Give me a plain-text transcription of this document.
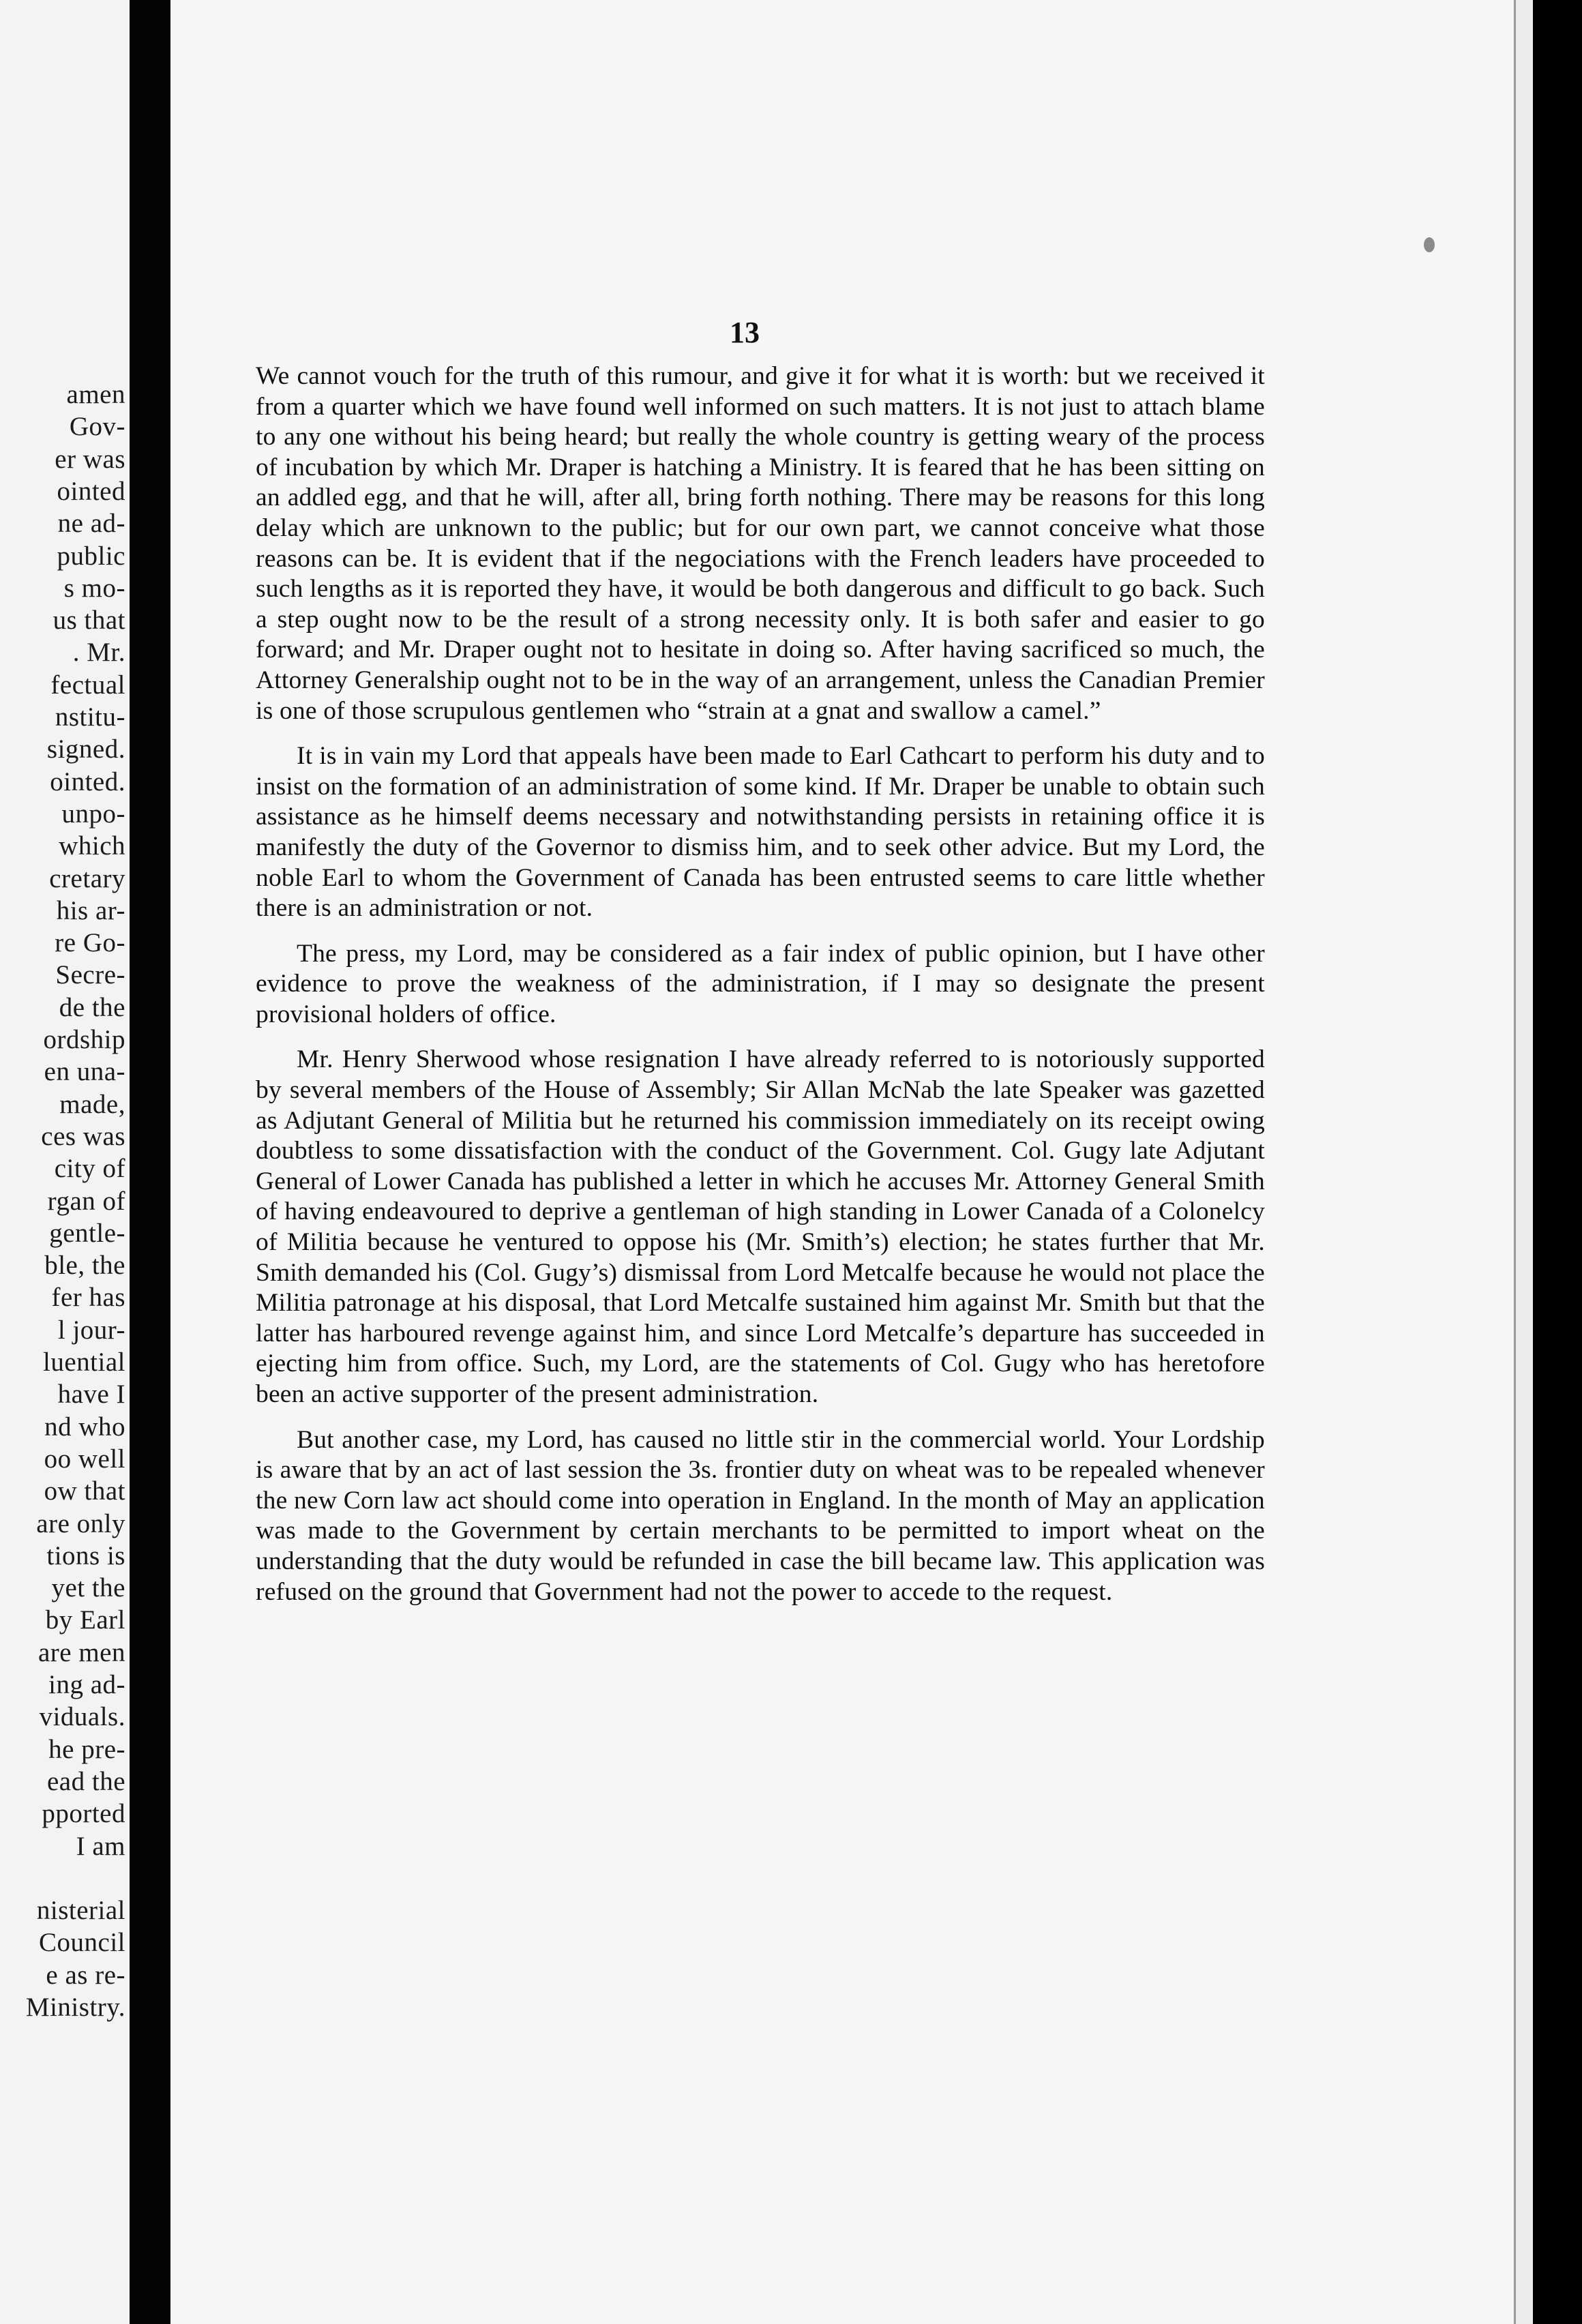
amen
Gov-
er was
ointed
ne ad-
public
s mo-
us that
. Mr.
fectual
nstitu-
signed.
ointed.
unpo-
which
cretary
his ar-
re Go-
Secre-
de the
ordship
en una-
made,
ces was
city of
rgan of
gentle-
ble, the
fer has
l jour-
luential
have I
nd who
oo well
ow that
are only
tions is
yet the
by Earl
are men
ing ad-
viduals.
he pre-
ead the
pported
I am
nisterial
Council
e as re-
Ministry.
13

We cannot vouch for the truth of this rumour, and give it for what it is worth: but we received it from a quarter which we have found well informed on such matters. It is not just to attach blame to any one without his being heard; but really the whole country is getting weary of the process of incubation by which Mr. Draper is hatching a Ministry. It is feared that he has been sitting on an addled egg, and that he will, after all, bring forth nothing. There may be reasons for this long delay which are unknown to the public; but for our own part, we cannot conceive what those reasons can be. It is evident that if the negociations with the French leaders have proceeded to such lengths as it is reported they have, it would be both dangerous and difficult to go back. Such a step ought now to be the result of a strong necessity only. It is both safer and easier to go forward; and Mr. Draper ought not to hesitate in doing so. After having sacrificed so much, the Attorney Generalship ought not to be in the way of an arrangement, unless the Canadian Premier is one of those scrupulous gentlemen who “strain at a gnat and swallow a camel.”

It is in vain my Lord that appeals have been made to Earl Cathcart to perform his duty and to insist on the formation of an administration of some kind. If Mr. Draper be unable to obtain such assistance as he himself deems necessary and notwithstanding persists in retaining office it is manifestly the duty of the Governor to dismiss him, and to seek other advice. But my Lord, the noble Earl to whom the Government of Canada has been entrusted seems to care little whether there is an administration or not.

The press, my Lord, may be considered as a fair index of public opinion, but I have other evidence to prove the weakness of the administration, if I may so designate the present provisional holders of office.

Mr. Henry Sherwood whose resignation I have already referred to is notoriously supported by several members of the House of Assembly; Sir Allan McNab the late Speaker was gazetted as Adjutant General of Militia but he returned his commission immediately on its receipt owing doubtless to some dissatisfaction with the conduct of the Government. Col. Gugy late Adjutant General of Lower Canada has published a letter in which he accuses Mr. Attorney General Smith of having endeavoured to deprive a gentleman of high standing in Lower Canada of a Colonelcy of Militia because he ventured to oppose his (Mr. Smith’s) election; he states further that Mr. Smith demanded his (Col. Gugy’s) dismissal from Lord Metcalfe because he would not place the Militia patronage at his disposal, that Lord Metcalfe sustained him against Mr. Smith but that the latter has harboured revenge against him, and since Lord Metcalfe’s departure has succeeded in ejecting him from office. Such, my Lord, are the statements of Col. Gugy who has heretofore been an active supporter of the present administration.

But another case, my Lord, has caused no little stir in the commercial world. Your Lordship is aware that by an act of last session the 3s. frontier duty on wheat was to be repealed whenever the new Corn law act should come into operation in England. In the month of May an application was made to the Government by certain merchants to be permitted to import wheat on the understanding that the duty would be refunded in case the bill became law. This application was refused on the ground that Government had not the power to accede to the request.
